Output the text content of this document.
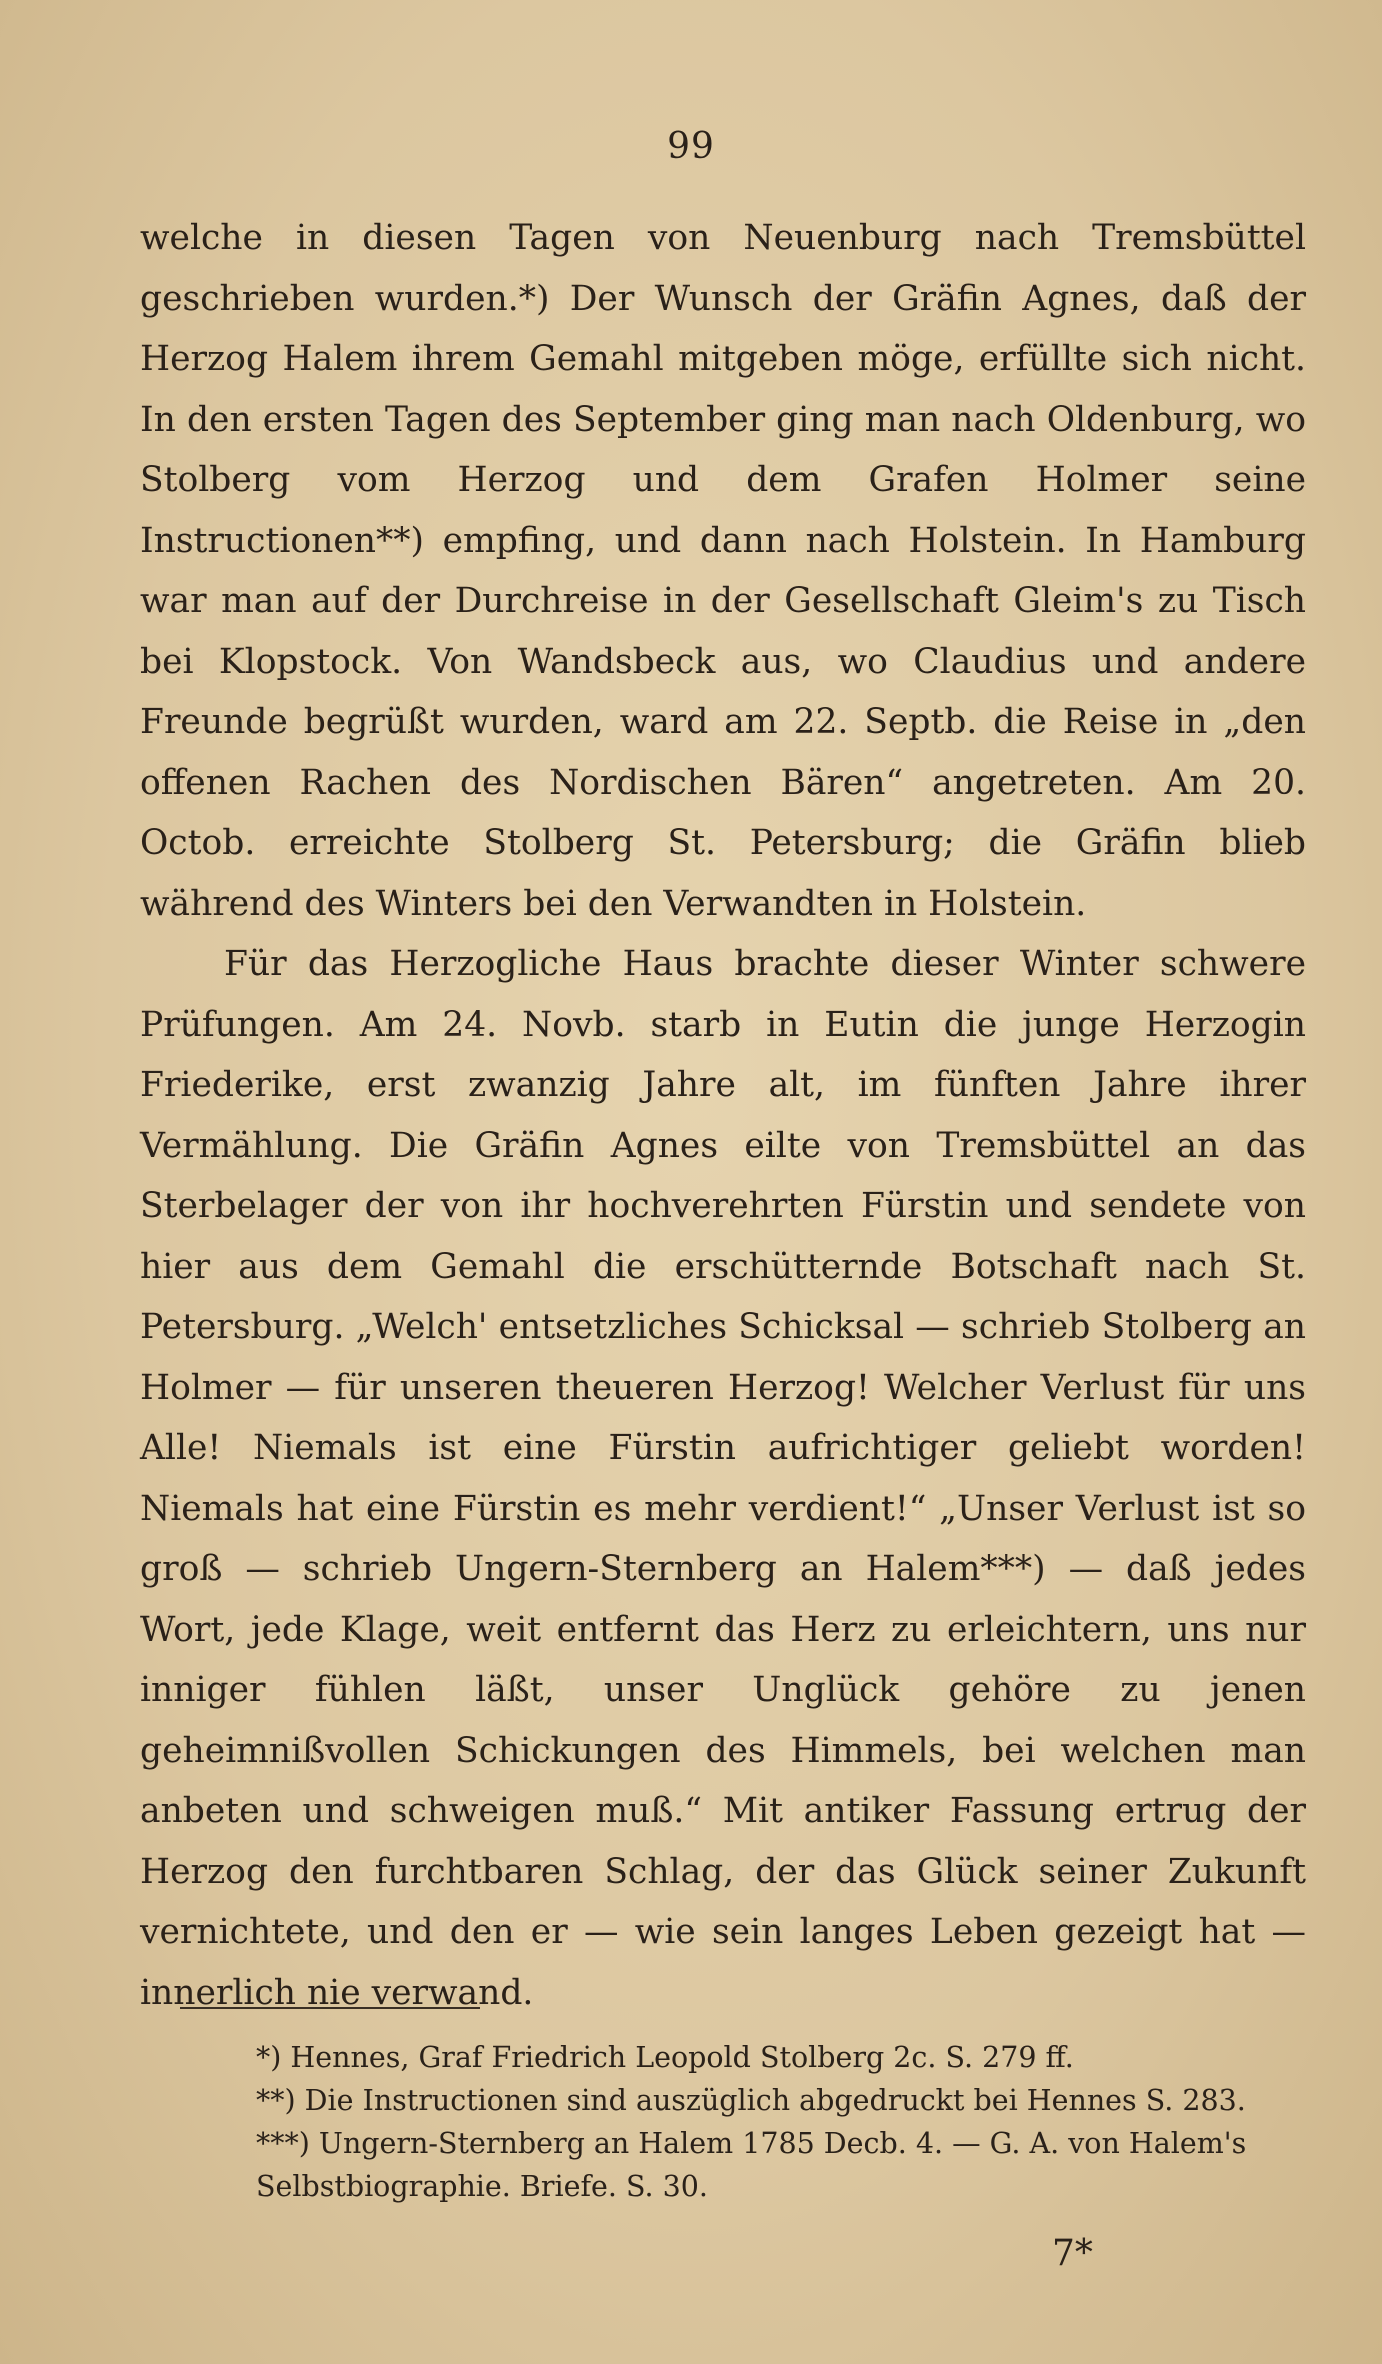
99

welche in diesen Tagen von Neuenburg nach Tremsbüttel geschrieben wurden.*) Der Wunsch der Gräfin Agnes, daß der Herzog Halem ihrem Gemahl mitgeben möge, erfüllte sich nicht. In den ersten Tagen des September ging man nach Oldenburg, wo Stolberg vom Herzog und dem Grafen Holmer seine Instructionen**) empfing, und dann nach Holstein. In Hamburg war man auf der Durchreise in der Gesellschaft Gleim's zu Tisch bei Klopstock. Von Wandsbeck aus, wo Claudius und andere Freunde begrüßt wurden, ward am 22. Septb. die Reise in „den offenen Rachen des Nordischen Bären“ angetreten. Am 20. Octob. erreichte Stolberg St. Petersburg; die Gräfin blieb während des Winters bei den Verwandten in Holstein.

Für das Herzogliche Haus brachte dieser Winter schwere Prüfungen. Am 24. Novb. starb in Eutin die junge Herzogin Friederike, erst zwanzig Jahre alt, im fünften Jahre ihrer Vermählung. Die Gräfin Agnes eilte von Tremsbüttel an das Sterbelager der von ihr hochverehrten Fürstin und sendete von hier aus dem Gemahl die erschütternde Botschaft nach St. Petersburg. „Welch' entsetzliches Schicksal — schrieb Stolberg an Holmer — für unseren theueren Herzog! Welcher Verlust für uns Alle! Niemals ist eine Fürstin aufrichtiger geliebt worden! Niemals hat eine Fürstin es mehr verdient!“ „Unser Verlust ist so groß — schrieb Ungern-Sternberg an Halem***) — daß jedes Wort, jede Klage, weit entfernt das Herz zu erleichtern, uns nur inniger fühlen läßt, unser Unglück gehöre zu jenen geheimnißvollen Schickungen des Himmels, bei welchen man anbeten und schweigen muß.“ Mit antiker Fassung ertrug der Herzog den furchtbaren Schlag, der das Glück seiner Zukunft vernichtete, und den er — wie sein langes Leben gezeigt hat — innerlich nie verwand.

*) Hennes, Graf Friedrich Leopold Stolberg 2c. S. 279 ff.

**) Die Instructionen sind auszüglich abgedruckt bei Hennes S. 283.

***) Ungern-Sternberg an Halem 1785 Decb. 4. — G. A. von Halem's Selbstbiographie. Briefe. S. 30.

7*
